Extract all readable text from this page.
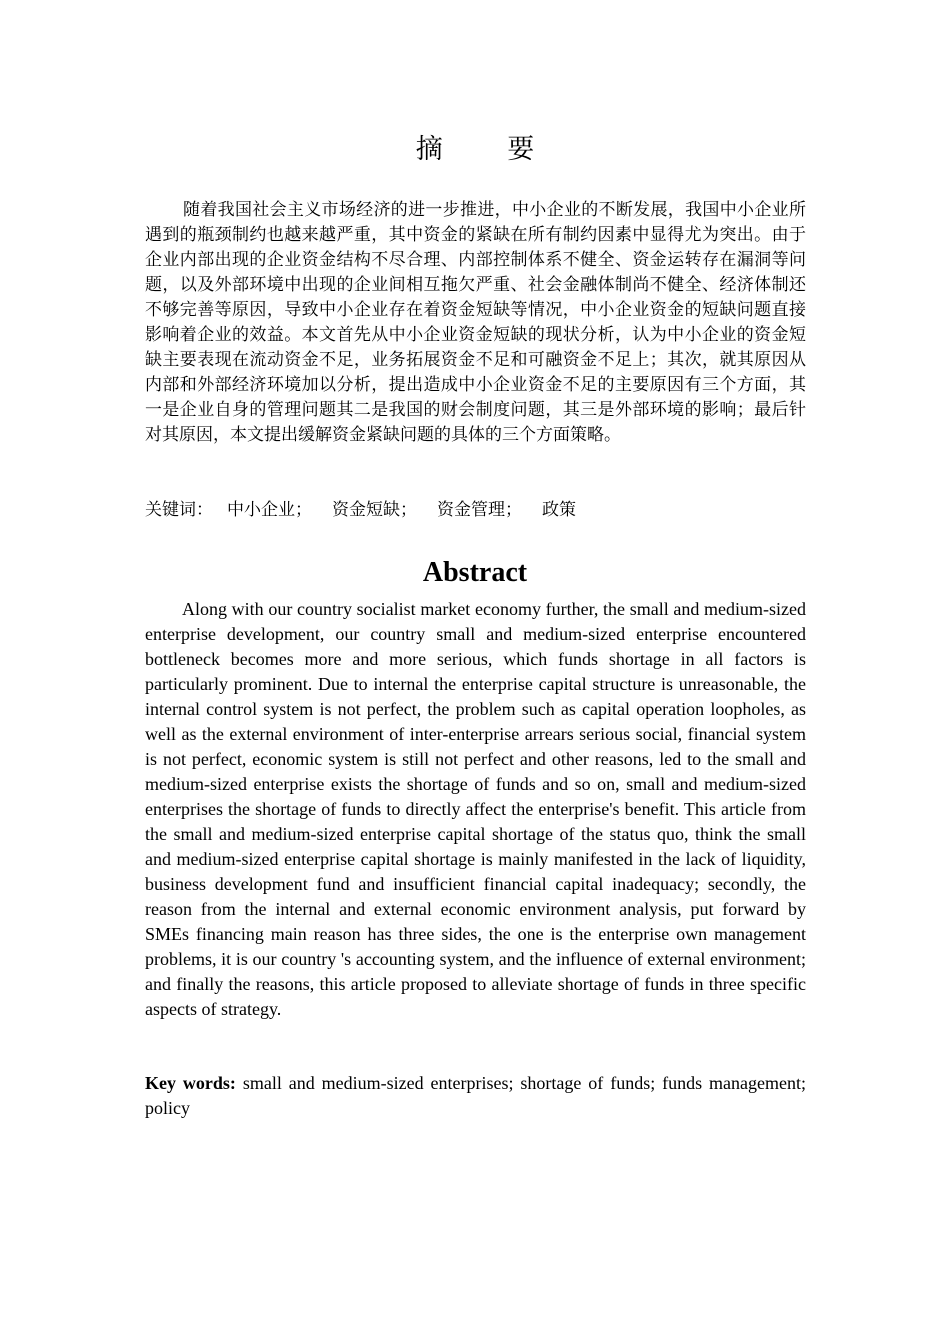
摘 要

随着我国社会主义市场经济的进一步推进，中小企业的不断发展，我国中小企业所遇到的瓶颈制约也越来越严重，其中资金的紧缺在所有制约因素中显得尤为突出。由于企业内部出现的企业资金结构不尽合理、内部控制体系不健全、资金运转存在漏洞等问题，以及外部环境中出现的企业间相互拖欠严重、社会金融体制尚不健全、经济体制还不够完善等原因，导致中小企业存在着资金短缺等情况，中小企业资金的短缺问题直接影响着企业的效益。本文首先从中小企业资金短缺的现状分析，认为中小企业的资金短缺主要表现在流动资金不足，业务拓展资金不足和可融资金不足上；其次，就其原因从内部和外部经济环境加以分析，提出造成中小企业资金不足的主要原因有三个方面，其一是企业自身的管理问题其二是我国的财会制度问题，其三是外部环境的影响；最后针对其原因，本文提出缓解资金紧缺问题的具体的三个方面策略。

关键词： 中小企业； 资金短缺； 资金管理； 政策

Abstract

Along with our country socialist market economy further, the small and medium-sized enterprise development, our country small and medium-sized enterprise encountered bottleneck becomes more and more serious, which funds shortage in all factors is particularly prominent. Due to internal the enterprise capital structure is unreasonable, the internal control system is not perfect, the problem such as capital operation loopholes, as well as the external environment of inter-enterprise arrears serious social, financial system is not perfect, economic system is still not perfect and other reasons, led to the small and medium-sized enterprise exists the shortage of funds and so on, small and medium-sized enterprises the shortage of funds to directly affect the enterprise's benefit. This article from the small and medium-sized enterprise capital shortage of the status quo, think the small and medium-sized enterprise capital shortage is mainly manifested in the lack of liquidity, business development fund and insufficient financial capital inadequacy; secondly, the reason from the internal and external economic environment analysis, put forward by SMEs financing main reason has three sides, the one is the enterprise own management problems, it is our country 's accounting system, and the influence of external environment; and finally the reasons, this article proposed to alleviate shortage of funds in three specific aspects of strategy.

Key words: small and medium-sized enterprises; shortage of funds; funds management; policy
